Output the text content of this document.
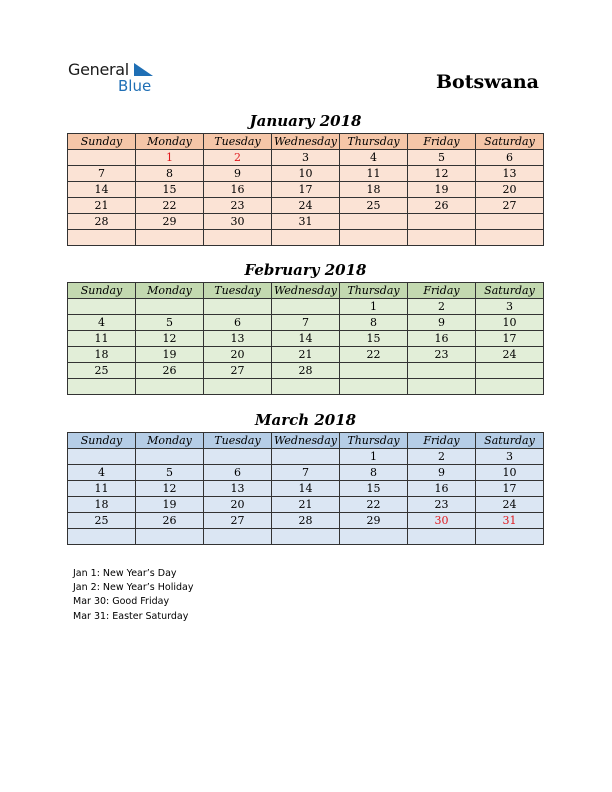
General
Blue	Botswana
January 2018
Sunday	Monday	Tuesday	Wednesday	Thursday	Friday	Saturday
	1	2	3	4	5	6
7	8	9	10	11	12	13
14	15	16	17	18	19	20
21	22	23	24	25	26	27
28	29	30	31			

February 2018
Sunday	Monday	Tuesday	Wednesday	Thursday	Friday	Saturday
				1	2	3
4	5	6	7	8	9	10
11	12	13	14	15	16	17
18	19	20	21	22	23	24
25	26	27	28			

March 2018
Sunday	Monday	Tuesday	Wednesday	Thursday	Friday	Saturday
				1	2	3
4	5	6	7	8	9	10
11	12	13	14	15	16	17
18	19	20	21	22	23	24
25	26	27	28	29	30	31

Jan 1: New Year’s Day
Jan 2: New Year’s Holiday
Mar 30: Good Friday
Mar 31: Easter Saturday
